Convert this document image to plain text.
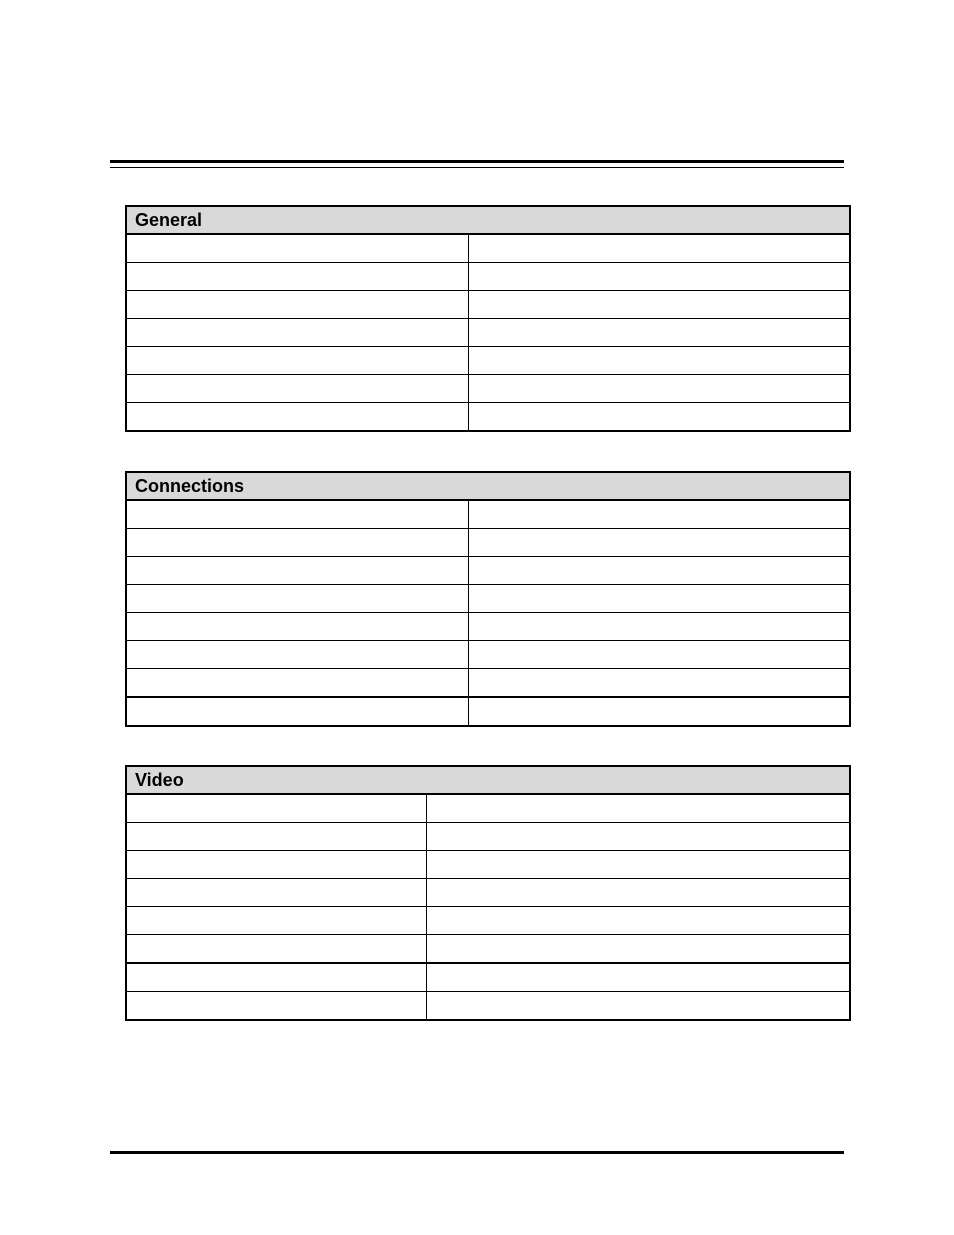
General	

Connections	

Video	
